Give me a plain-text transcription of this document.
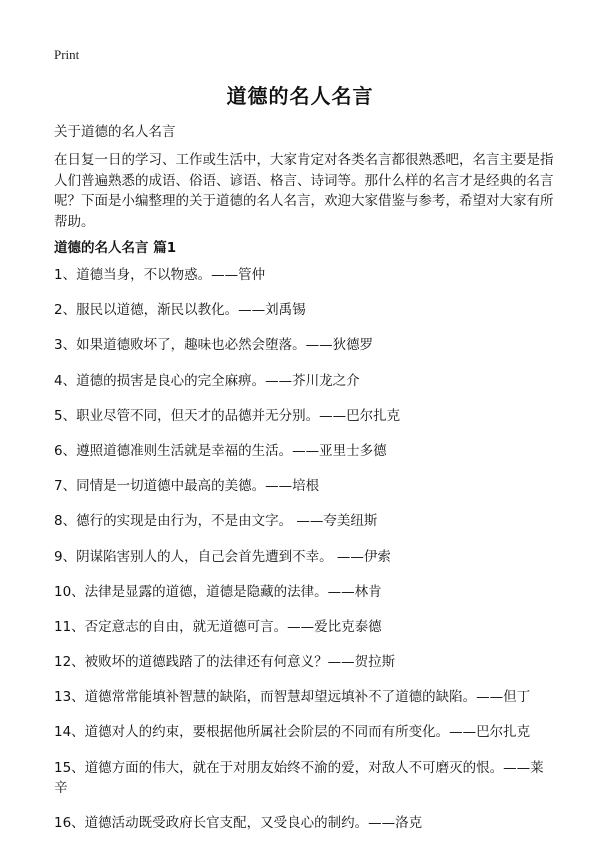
Print
道德的名人名言
关于道德的名人名言
在日复一日的学习、工作或生活中，大家肯定对各类名言都很熟悉吧，名言主要是指人们普遍熟悉的成语、俗语、谚语、格言、诗词等。那什么样的名言才是经典的名言呢？下面是小编整理的关于道德的名人名言，欢迎大家借鉴与参考，希望对大家有所帮助。
道德的名人名言 篇1
1、道德当身，不以物惑。——管仲
2、服民以道德，渐民以教化。——刘禹锡
3、如果道德败坏了，趣味也必然会堕落。——狄德罗
4、道德的损害是良心的完全麻痹。——芥川龙之介
5、职业尽管不同，但天才的品德并无分别。——巴尔扎克
6、遵照道德准则生活就是幸福的生活。——亚里士多德
7、同情是一切道德中最高的美德。——培根
8、德行的实现是由行为，不是由文字。 ——夸美纽斯
9、阴谋陷害别人的人，自己会首先遭到不幸。 ——伊索
10、法律是显露的道德，道德是隐藏的法律。——林肯
11、否定意志的自由，就无道德可言。——爱比克泰德
12、被败坏的道德践踏了的法律还有何意义？——贺拉斯
13、道德常常能填补智慧的缺陷，而智慧却望远填补不了道德的缺陷。——但丁
14、道德对人的约束，要根据他所属社会阶层的不同而有所变化。——巴尔扎克
15、道德方面的伟大，就在于对朋友始终不渝的爱，对敌人不可磨灭的恨。——莱辛
16、道德活动既受政府长官支配，又受良心的制约。——洛克
